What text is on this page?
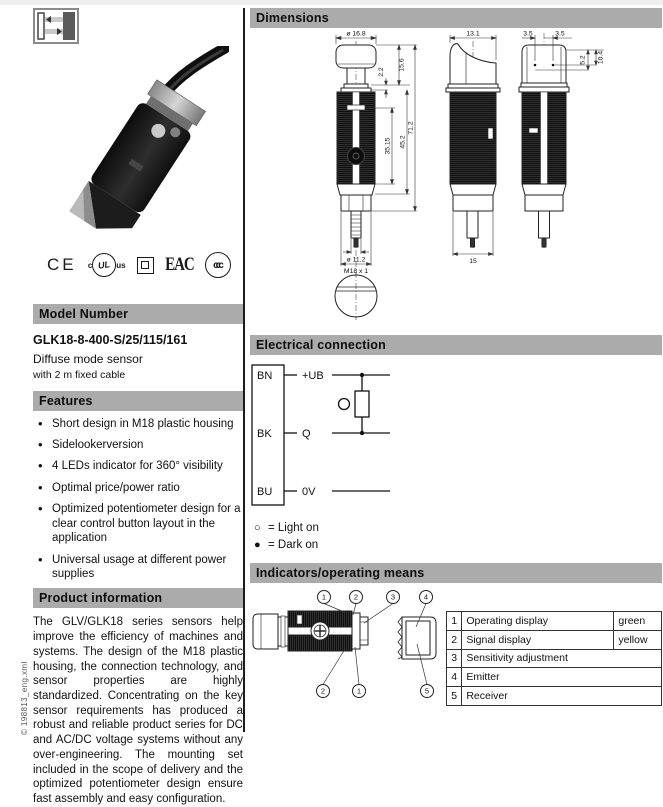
CE c UL us	EAC	ccc
Model Number
GLK18-8-400-S/25/115/161
Diffuse mode sensor
with 2 m fixed cable
Features
• Short design in M18 plastic housing
• Sidelookerversion
• 4 LEDs indicator for 360° visibility
• Optimal price/power ratio
• Optimized potentiometer design for a clear control button layout in the application
• Universal usage at different power supplies
Product information
The GLV/GLK18 series sensors help improve the efficiency of machines and systems. The design of the M18 plastic housing, the connection technology, and sensor properties are highly standardized. Concentrating on the key sensor requirements has produced a robust and reliable product series for DC and AC/DC voltage systems without any over-engineering. The mounting set included in the scope of delivery and the optimized potentiometer design ensure fast assembly and easy configuration.
© 198813_eng.xml
Dimensions
ø 16.8
15.6
2.2
35.15 45.2
71.2
ø 11.2
M18 x 1
13.1
15
3.5	3.5
5.2 10.4
Electrical connection
BN
BK
BU
+UB
Q
0V
○ = Light on
● = Dark on
Indicators/operating means
1	2	3	4
2	1	5
1	Operating display	green
2	Signal display	yellow
3	Sensitivity adjustment	
4	Emitter	
5	Receiver	
